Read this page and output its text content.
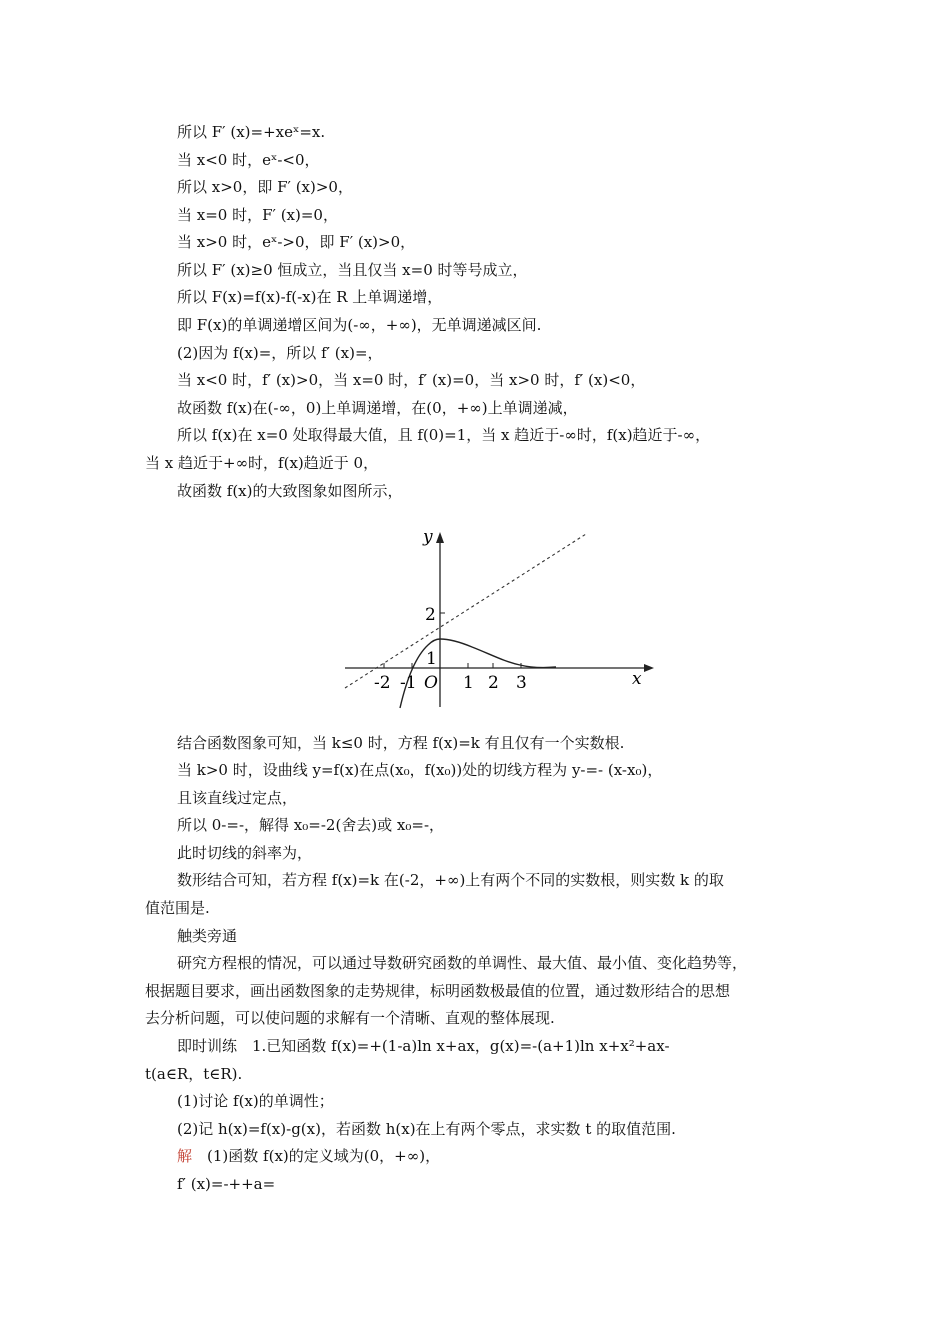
所以 F′ (x)=+xeˣ=x.
当 x<0 时，eˣ-<0，
所以 x>0，即 F′ (x)>0，
当 x=0 时，F′ (x)=0，
当 x>0 时，eˣ->0，即 F′ (x)>0，
所以 F′ (x)≥0 恒成立，当且仅当 x=0 时等号成立，
所以 F(x)=f(x)-f(-x)在 R 上单调递增，
即 F(x)的单调递增区间为(-∞，+∞)，无单调递减区间.
(2)因为 f(x)=，所以 f′ (x)=，
当 x<0 时，f′ (x)>0，当 x=0 时，f′ (x)=0，当 x>0 时，f′ (x)<0，
故函数 f(x)在(-∞，0)上单调递增，在(0，+∞)上单调递减，
所以 f(x)在 x=0 处取得最大值，且 f(0)=1，当 x 趋近于-∞时，f(x)趋近于-∞，
当 x 趋近于+∞时，f(x)趋近于 0，
故函数 f(x)的大致图象如图所示，
y
x
O
-2 -1	1 2 3
1
2
结合函数图象可知，当 k≤0 时，方程 f(x)=k 有且仅有一个实数根.
当 k>0 时，设曲线 y=f(x)在点(x₀，f(x₀))处的切线方程为 y-=- (x-x₀)，
且该直线过定点，
所以 0-=-，解得 x₀=-2(舍去)或 x₀=-，
此时切线的斜率为，
数形结合可知，若方程 f(x)=k 在(-2，+∞)上有两个不同的实数根，则实数 k 的取
值范围是.
触类旁通
研究方程根的情况，可以通过导数研究函数的单调性、最大值、最小值、变化趋势等，
根据题目要求，画出函数图象的走势规律，标明函数极最值的位置，通过数形结合的思想
去分析问题，可以使问题的求解有一个清晰、直观的整体展现.
即时训练　1.已知函数 f(x)=+(1-a)ln x+ax，g(x)=-(a+1)ln x+x²+ax-
t(a∈R，t∈R).
(1)讨论 f(x)的单调性；
(2)记 h(x)=f(x)-g(x)，若函数 h(x)在上有两个零点，求实数 t 的取值范围.
解　 (1)函数 f(x)的定义域为(0，+∞)，
f′ (x)=-++a=
